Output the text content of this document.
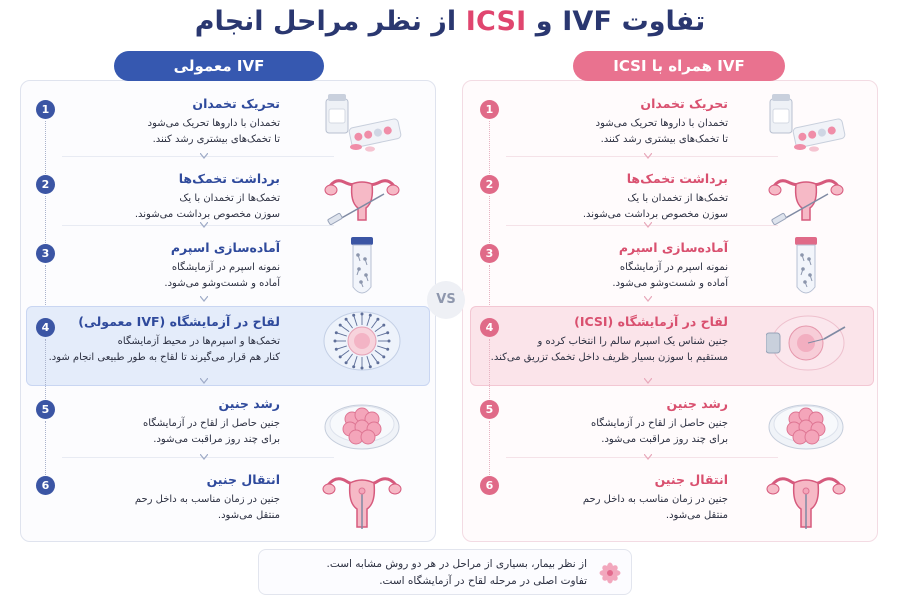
تفاوت IVF و ICSI از نظر مراحل انجام
IVF معمولی	IVF همراه با ICSI
VS
1	تحریک تخمدان
تخمدان با داروها تحریک می‌شود
تا تخمک‌های بیشتری رشد کنند.
2	برداشت تخمک‌ها
تخمک‌ها از تخمدان با یک
سوزن مخصوص برداشت می‌شوند.
3	آماده‌سازی اسپرم
نمونه اسپرم در آزمایشگاه
آماده و شست‌وشو می‌شود.
4	لقاح در آزمایشگاه (IVF معمولی)
تخمک‌ها و اسپرم‌ها در محیط آزمایشگاه
کنار هم قرار می‌گیرند تا لقاح به طور طبیعی انجام شود.
5	رشد جنین
جنین حاصل از لقاح در آزمایشگاه
برای چند روز مراقبت می‌شود.
6	انتقال جنین
جنین در زمان مناسب به داخل رحم
منتقل می‌شود.
1	تحریک تخمدان
تخمدان با داروها تحریک می‌شود
تا تخمک‌های بیشتری رشد کنند.
2	برداشت تخمک‌ها
تخمک‌ها از تخمدان با یک
سوزن مخصوص برداشت می‌شوند.
3	آماده‌سازی اسپرم
نمونه اسپرم در آزمایشگاه
آماده و شست‌وشو می‌شود.
4	لقاح در آزمایشگاه (ICSI)
جنین شناس یک اسپرم سالم را انتخاب کرده و
مستقیم با سوزن بسیار ظریف داخل تخمک تزریق می‌کند.
5	رشد جنین
جنین حاصل از لقاح در آزمایشگاه
برای چند روز مراقبت می‌شود.
6	انتقال جنین
جنین در زمان مناسب به داخل رحم
منتقل می‌شود.
از نظر بیمار، بسیاری از مراحل در هر دو روش مشابه است.
تفاوت اصلی در مرحله لقاح در آزمایشگاه است.
